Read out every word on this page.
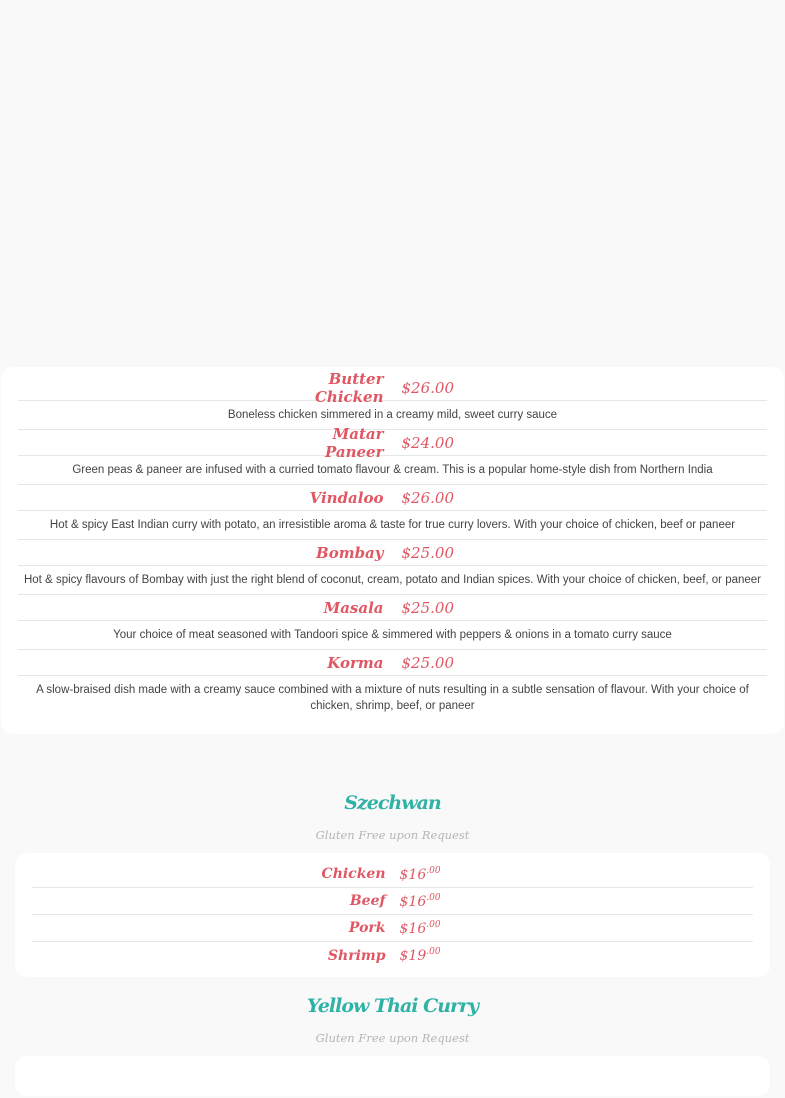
Butter Chicken $26.00
Boneless chicken simmered in a creamy mild, sweet curry sauce
Matar Paneer $24.00
Green peas & paneer are infused with a curried tomato flavour & cream. This is a popular home-style dish from Northern India
Vindaloo $26.00
Hot & spicy East Indian curry with potato, an irresistible aroma & taste for true curry lovers. With your choice of chicken, beef or paneer
Bombay $25.00
Hot & spicy flavours of Bombay with just the right blend of coconut, cream, potato and Indian spices. With your choice of chicken, beef, or paneer
Masala $25.00
Your choice of meat seasoned with Tandoori spice & simmered with peppers & onions in a tomato curry sauce
Korma $25.00
A slow-braised dish made with a creamy sauce combined with a mixture of nuts resulting in a subtle sensation of flavour. With your choice of chicken, shrimp, beef, or paneer
Szechwan
Gluten Free upon Request
Chicken $\$16^{.00}$
Beef $\$16^{.00}$
Pork $\$16^{.00}$
Shrimp $\$19^{.00}$
Yellow Thai Curry
Gluten Free upon Request
